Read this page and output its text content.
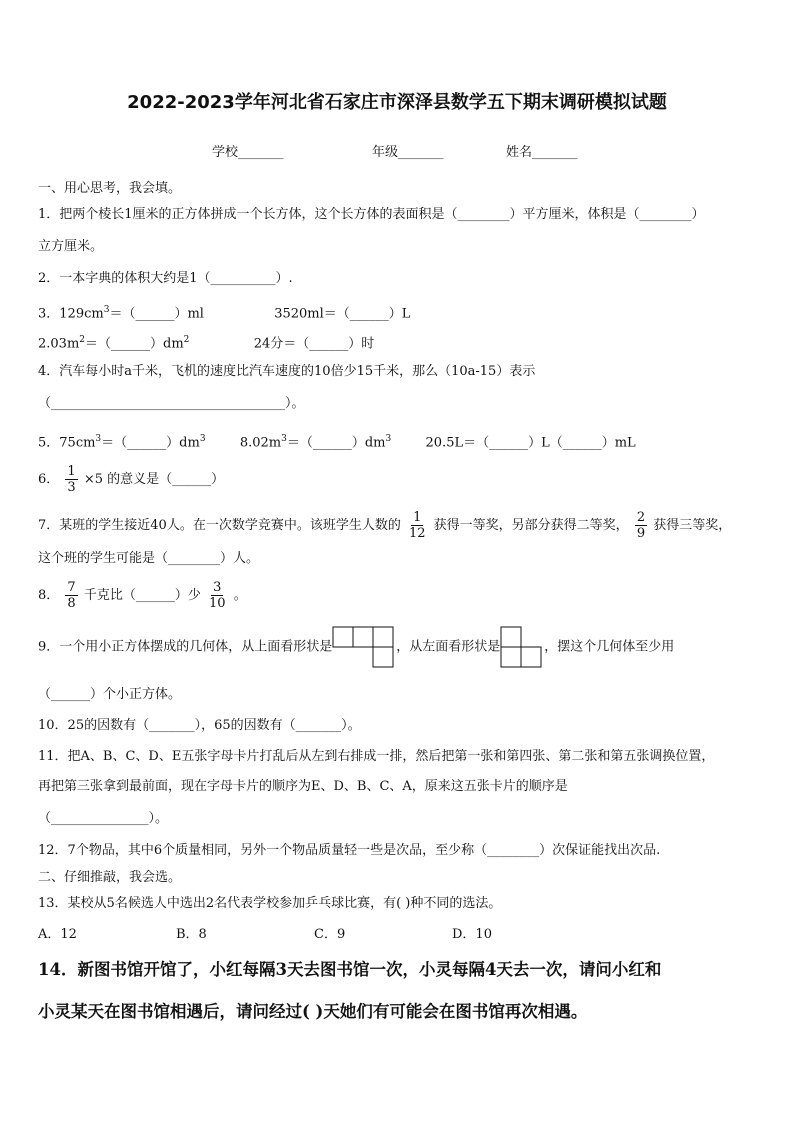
2022-2023学年河北省石家庄市深泽县数学五下期末调研模拟试题
学校_______	年级_______	姓名_______
一、用心思考，我会填。
1．把两个棱长1厘米的正方体拼成一个长方体，这个长方体的表面积是（________）平方厘米，体积是（________）
立方厘米。
2．一本字典的体积大约是1（__________）.
3．$129cm^3=(\_\_\_\_\_\_)ml$	3520ml＝（______）L
$2.03m^2=(\_\_\_\_\_\_)dm^2$	24分＝（______）时
4．汽车每小时a千米，飞机的速度比汽车速度的10倍少15千米，那么（10a-15）表示
（____________________________________）。
5．$75cm^3=(\_\_\_\_\_\_)dm^3$	$8.02m^3=(\_\_\_\_\_\_)dm^3$	20.5L＝（______）L（______）mL
6． $\frac{1}{3} \times 5$ 的意义是（______）
7．某班的学生接近40人。在一次数学竞赛中。该班学生人数的 $\frac{1}{12}$ 获得一等奖，另部分获得二等奖， $\frac{2}{9}$ 获得三等奖，
这个班的学生可能是（________）人。
8． $\frac{7}{8}$ 千克比（______）少 $\frac{3}{10}$ 。
9．一个用小正方体摆成的几何体，从上面看形状是	，从左面看形状是	，摆这个几何体至少用
（______）个小正方体。
10．25的因数有（_______），65的因数有（_______）。
11．把A、B、C、D、E五张字母卡片打乱后从左到右排成一排，然后把第一张和第四张、第二张和第五张调换位置，
再把第三张拿到最前面，现在字母卡片的顺序为E、D、B、C、A，原来这五张卡片的顺序是
（_______________）。
12．7个物品，其中6个质量相同，另外一个物品质量轻一些是次品，至少称（________）次保证能找出次品.
二、仔细推敲，我会选。
13．某校从5名候选人中选出2名代表学校参加乒乓球比赛，有( )种不同的选法。
A．12	B．8	C．9	D．10
14．新图书馆开馆了，小红每隔3天去图书馆一次，小灵每隔4天去一次，请问小红和
小灵某天在图书馆相遇后，请问经过( )天她们有可能会在图书馆再次相遇。
